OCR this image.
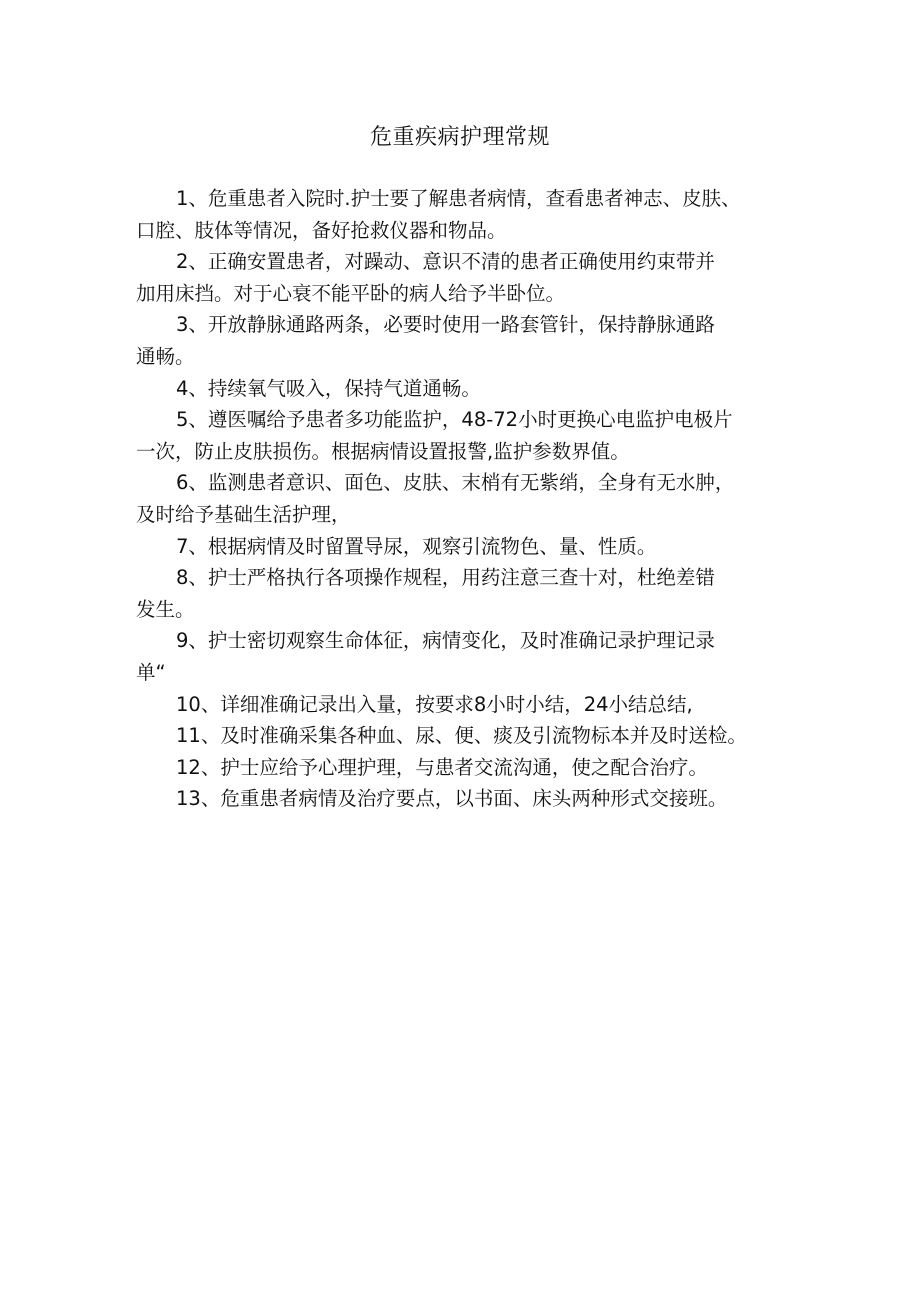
危重疾病护理常规

1、危重患者入院时.护士要了解患者病情，查看患者神志、皮肤、
口腔、肢体等情况，备好抢救仪器和物品。

2、正确安置患者，对躁动、意识不清的患者正确使用约束带并
加用床挡。对于心衰不能平卧的病人给予半卧位。

3、开放静脉通路两条，必要时使用一路套管针，保持静脉通路
通畅。

4、持续氧气吸入，保持气道通畅。

5、遵医嘱给予患者多功能监护，48-72小时更换心电监护电极片
一次，防止皮肤损伤。根据病情设置报警,监护参数界值。

6、监测患者意识、面色、皮肤、末梢有无紫绡，全身有无水肿，
及时给予基础生活护理，

7、根据病情及时留置导尿，观察引流物色、量、性质。

8、护士严格执行各项操作规程，用药注意三查十对，杜绝差错
发生。

9、护士密切观察生命体征，病情变化，及时准确记录护理记录
单“

10、详细准确记录出入量，按要求8小时小结，24小结总结,

11、及时准确采集各种血、尿、便、痰及引流物标本并及时送检。

12、护士应给予心理护理，与患者交流沟通，使之配合治疗。

13、危重患者病情及治疗要点，以书面、床头两种形式交接班。
